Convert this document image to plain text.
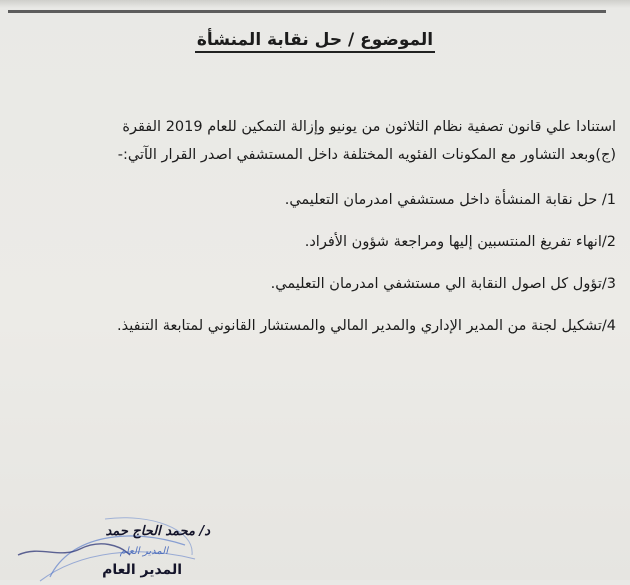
الموضوع / حل نقابة المنشأة

استنادا علي قانون تصفية نظام الثلاثون من يونيو وإزالة التمكين للعام 2019 الفقرة

(ج)وبعد التشاور مع المكونات الفئويه المختلفة داخل المستشفي اصدر القرار الآتي:-

1/ حل نقابة المنشأة داخل مستشفي امدرمان التعليمي.
2/انهاء تفريغ المنتسبين إليها ومراجعة شؤون الأفراد.
3/تؤول كل اصول النقابة الي مستشفي امدرمان التعليمي.
4/تشكيل لجنة من المدير الإداري والمدير المالي والمستشار القانوني لمتابعة التنفيذ.
المدير العام
د/ محمد الحاج حمد
المدير العام
